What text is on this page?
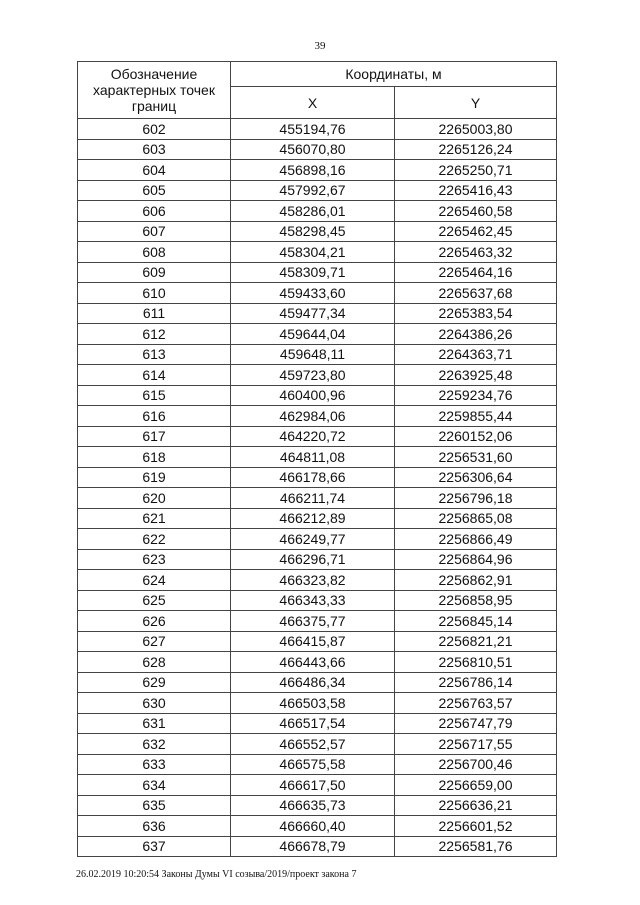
39
Обозначение характерных точек границ	Координаты, м	
	X	Y
602	455194,76	2265003,80
603	456070,80	2265126,24
604	456898,16	2265250,71
605	457992,67	2265416,43
606	458286,01	2265460,58
607	458298,45	2265462,45
608	458304,21	2265463,32
609	458309,71	2265464,16
610	459433,60	2265637,68
611	459477,34	2265383,54
612	459644,04	2264386,26
613	459648,11	2264363,71
614	459723,80	2263925,48
615	460400,96	2259234,76
616	462984,06	2259855,44
617	464220,72	2260152,06
618	464811,08	2256531,60
619	466178,66	2256306,64
620	466211,74	2256796,18
621	466212,89	2256865,08
622	466249,77	2256866,49
623	466296,71	2256864,96
624	466323,82	2256862,91
625	466343,33	2256858,95
626	466375,77	2256845,14
627	466415,87	2256821,21
628	466443,66	2256810,51
629	466486,34	2256786,14
630	466503,58	2256763,57
631	466517,54	2256747,79
632	466552,57	2256717,55
633	466575,58	2256700,46
634	466617,50	2256659,00
635	466635,73	2256636,21
636	466660,40	2256601,52
637	466678,79	2256581,76
26.02.2019 10:20:54 Законы Думы VI созыва/2019/проект закона 7
